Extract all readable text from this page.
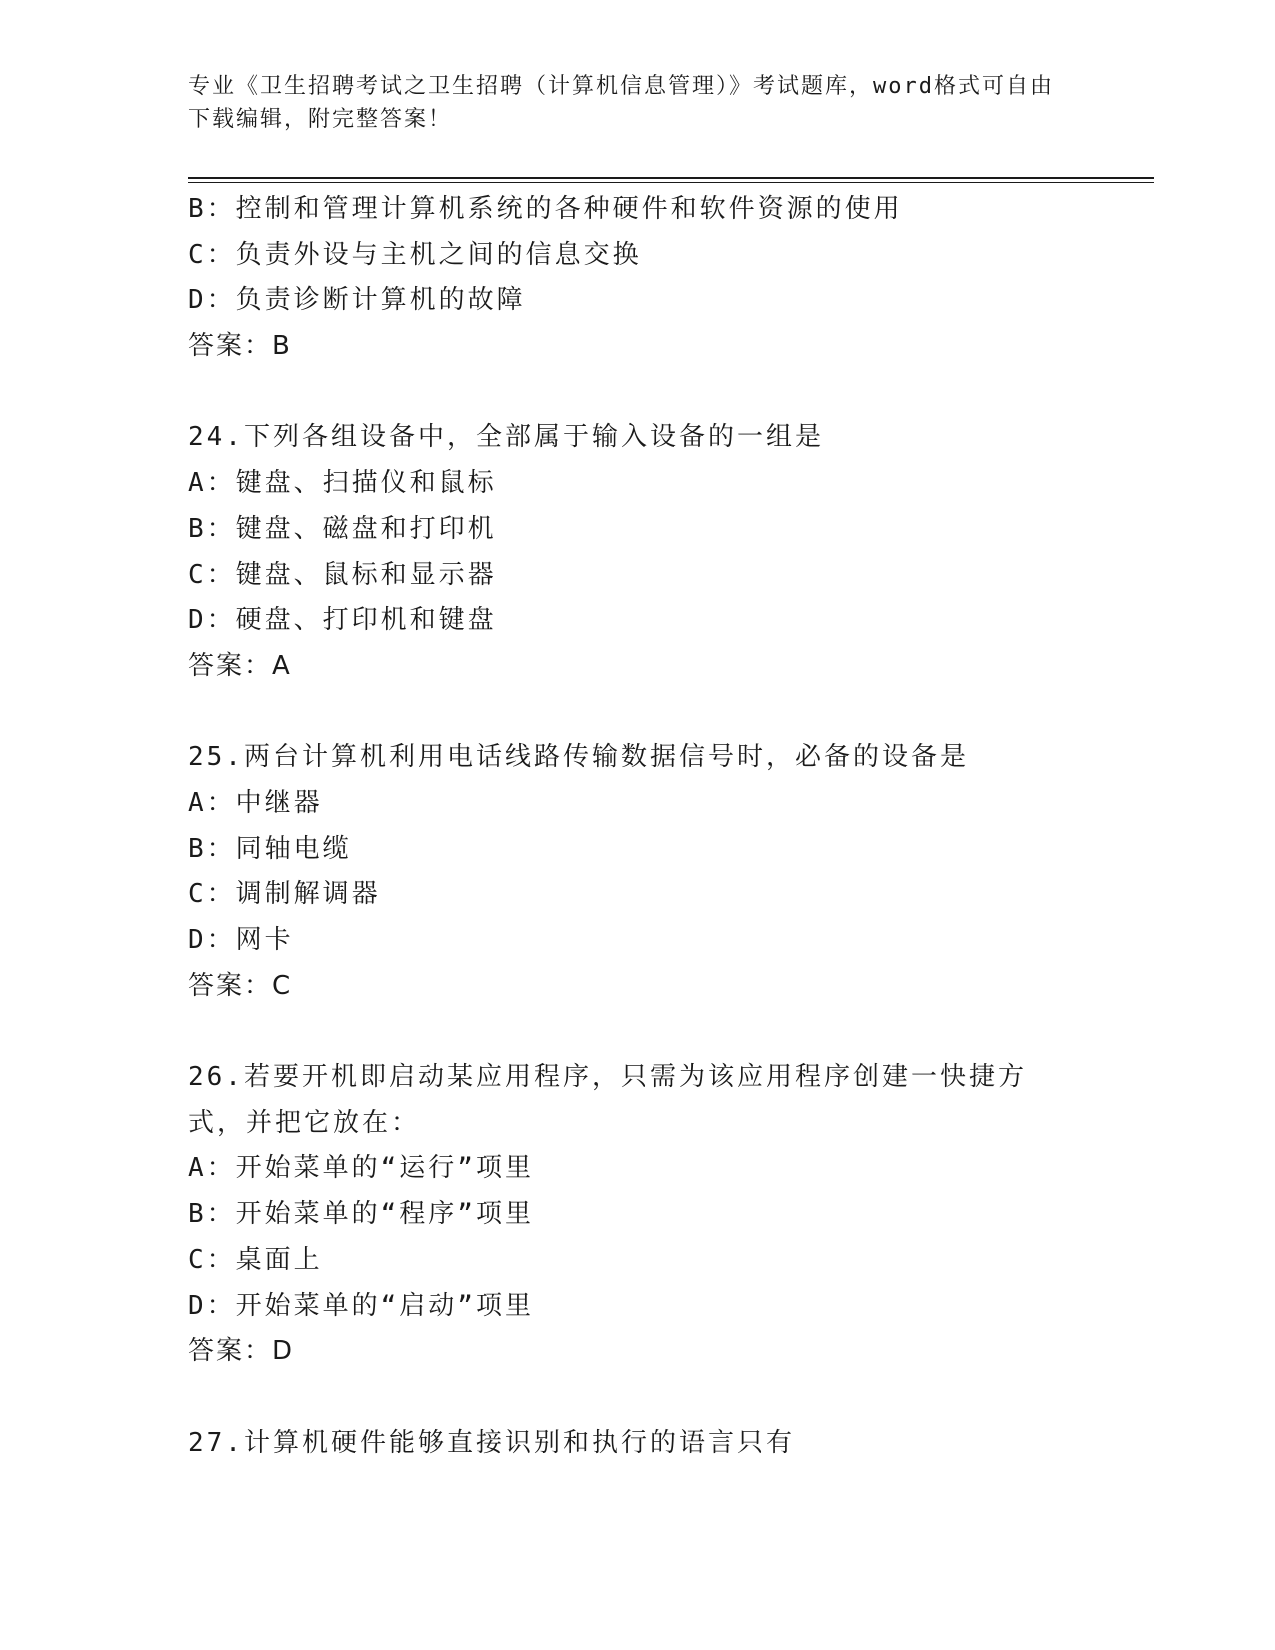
专业《卫生招聘考试之卫生招聘（计算机信息管理）》考试题库，word格式可自由下载编辑，附完整答案！
B：控制和管理计算机系统的各种硬件和软件资源的使用
C：负责外设与主机之间的信息交换
D：负责诊断计算机的故障
答案：B
24.下列各组设备中，全部属于输入设备的一组是
A：键盘、扫描仪和鼠标
B：键盘、磁盘和打印机
C：键盘、鼠标和显示器
D：硬盘、打印机和键盘
答案：A
25.两台计算机利用电话线路传输数据信号时，必备的设备是
A：中继器
B：同轴电缆
C：调制解调器
D：网卡
答案：C
26.若要开机即启动某应用程序，只需为该应用程序创建一快捷方式，并把它放在：
A：开始菜单的“运行”项里
B：开始菜单的“程序”项里
C：桌面上
D：开始菜单的“启动”项里
答案：D
27.计算机硬件能够直接识别和执行的语言只有
